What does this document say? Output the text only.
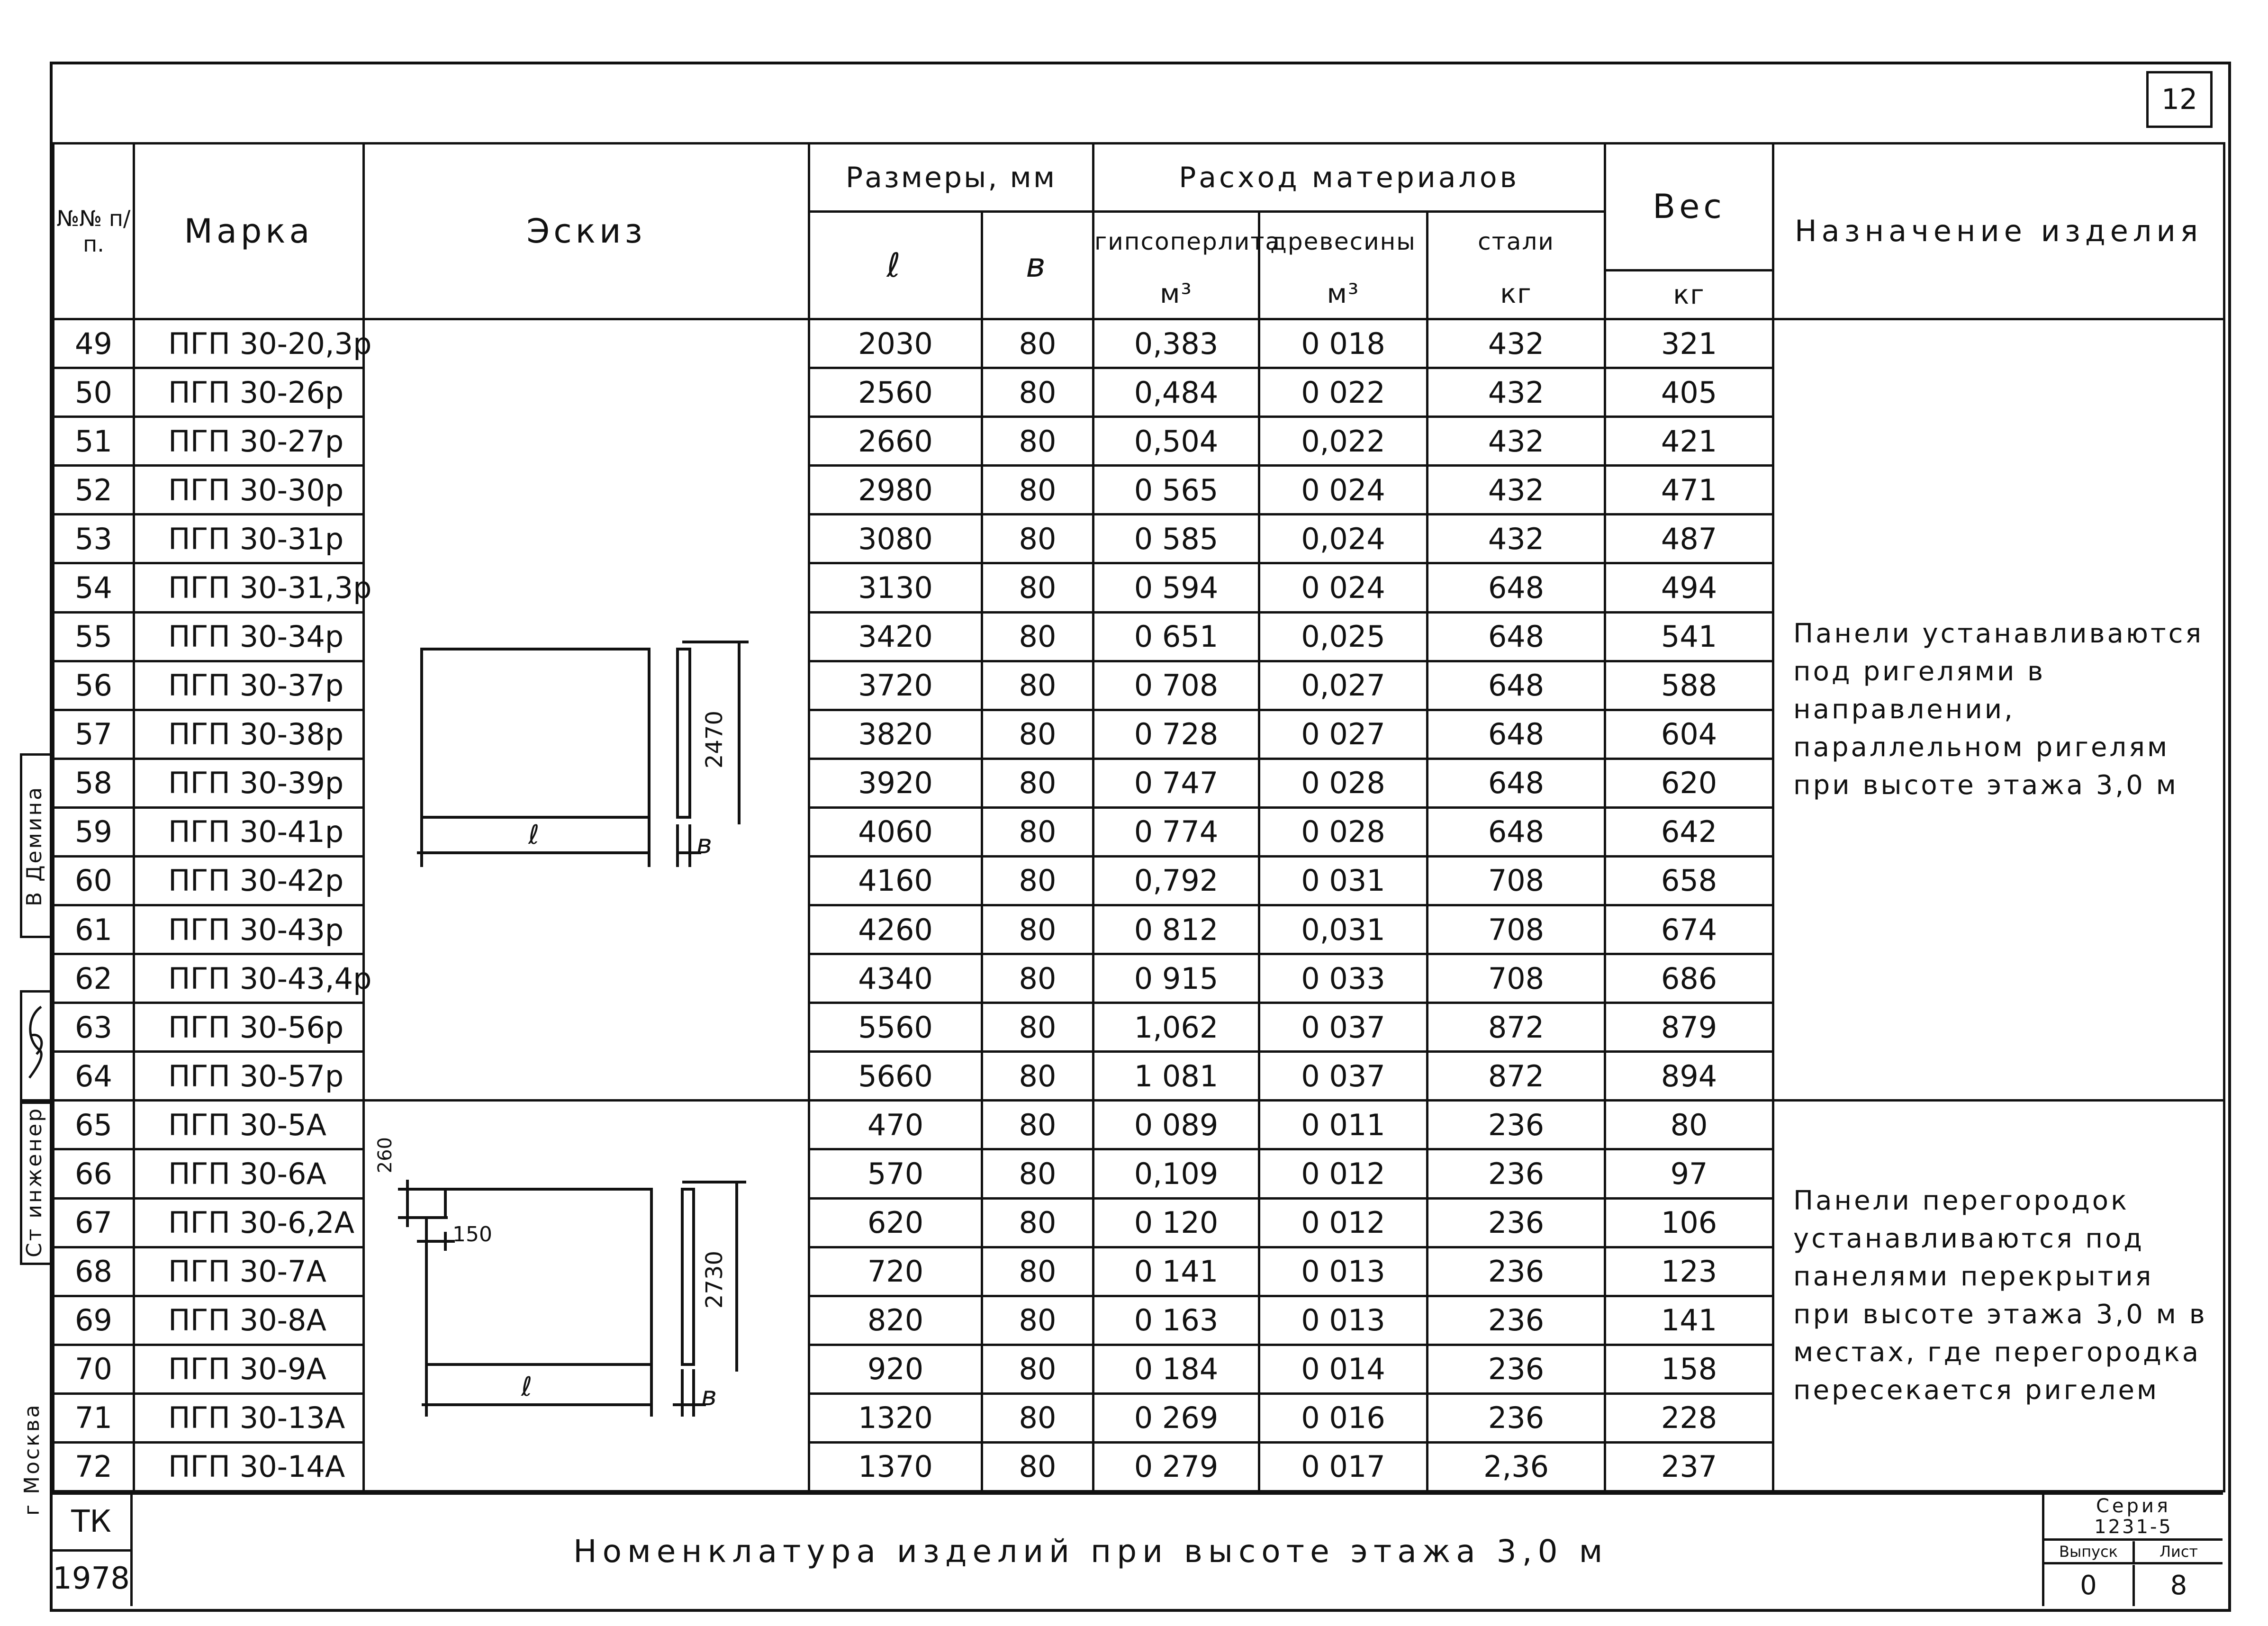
12
№№ п/п.	Марка	Эскиз	Размеры, мм		Расход материалов			Вес	Назначение изделия
			ℓ	в	гипсоперлита	древесины	стали		
					м³	м³	кг	кг	
49	ПГП 30-20,3р		2030	80	0,383	0 018	432	321	Панели устанавливаются под ригелями в направлении, параллельном ригелям при высоте этажа 3,0 м
50	ПГП 30-26р		2560	80	0,484	0 022	432	405	
51	ПГП 30-27р		2660	80	0,504	0,022	432	421	
52	ПГП 30-30р		2980	80	0 565	0 024	432	471	
53	ПГП 30-31р		3080	80	0 585	0,024	432	487	
54	ПГП 30-31,3р		3130	80	0 594	0 024	648	494	
55	ПГП 30-34р		3420	80	0 651	0,025	648	541	
56	ПГП 30-37р		3720	80	0 708	0,027	648	588	
57	ПГП 30-38р		3820	80	0 728	0 027	648	604	
58	ПГП 30-39р		3920	80	0 747	0 028	648	620	
59	ПГП 30-41р		4060	80	0 774	0 028	648	642	
60	ПГП 30-42р		4160	80	0,792	0 031	708	658	
61	ПГП 30-43р		4260	80	0 812	0,031	708	674	
62	ПГП 30-43,4р		4340	80	0 915	0 033	708	686	
63	ПГП 30-56р		5560	80	1,062	0 037	872	879	
64	ПГП 30-57р		5660	80	1 081	0 037	872	894	
65	ПГП 30-5А		470	80	0 089	0 011	236	80	Панели перегородок устанавливаются под панелями перекрытия при высоте этажа 3,0 м в местах, где перегородка пересекается ригелем
66	ПГП 30-6А		570	80	0,109	0 012	236	97	
67	ПГП 30-6,2А		620	80	0 120	0 012	236	106	
68	ПГП 30-7А		720	80	0 141	0 013	236	123	
69	ПГП 30-8А		820	80	0 163	0 013	236	141	
70	ПГП 30-9А		920	80	0 184	0 014	236	158	
71	ПГП 30-13А		1320	80	0 269	0 016	236	228	
72	ПГП 30-14А		1370	80	0 279	0 017	2,36	237	
ТК
1978
Номенклатура изделий при высоте этажа 3,0 м
Серия
1231-5
Выпуск	Лист
0	8
В Демина
Ст инженер
г Москва
2470
ℓ	в
2730
260
150
ℓ	в
